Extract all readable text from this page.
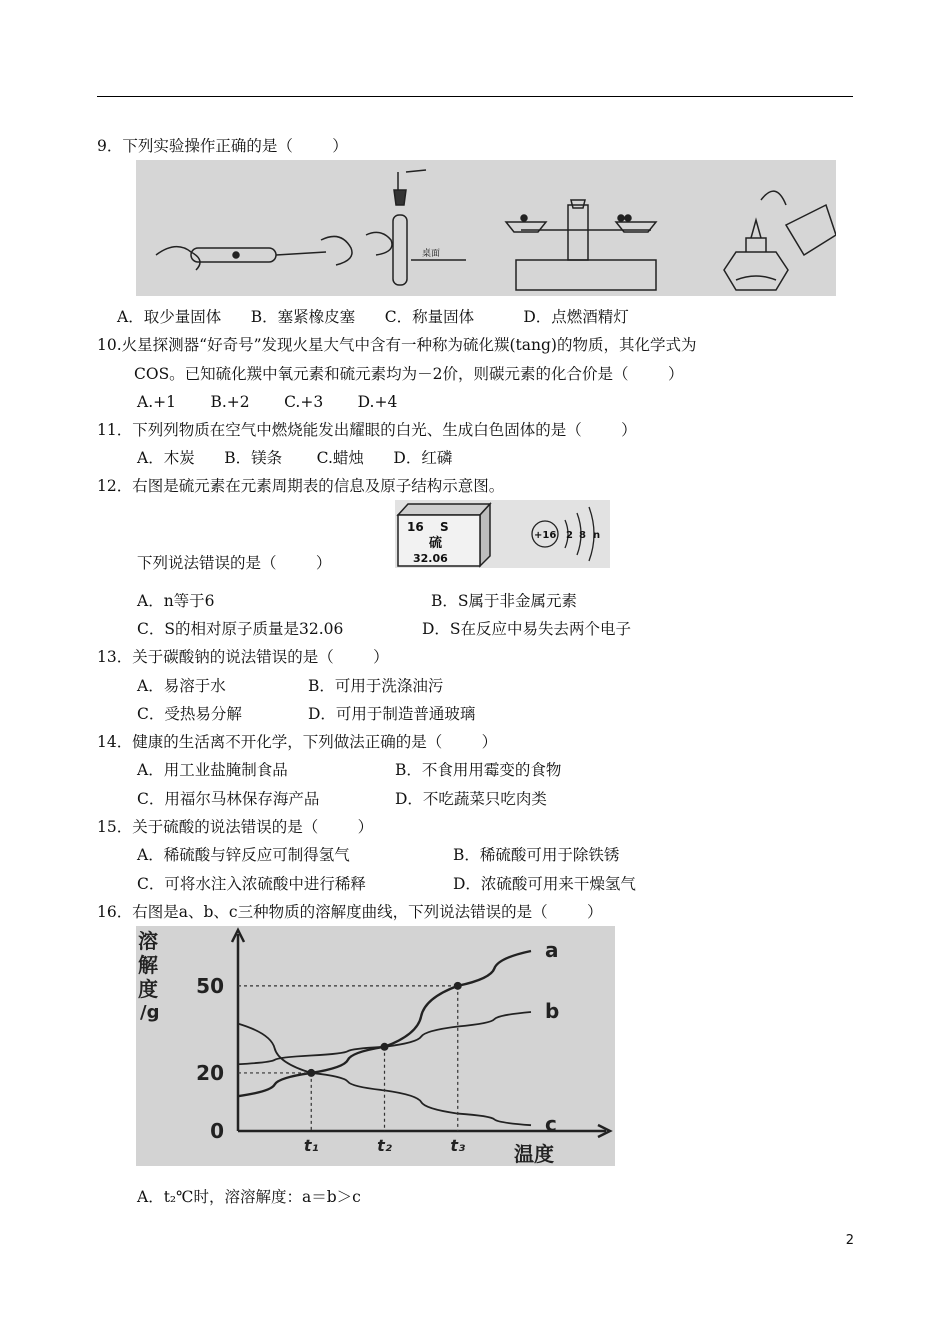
9．下列实验操作正确的是（        ）
桌面
A．取少量固体      B．塞紧橡皮塞      C．称量固体          D．点燃酒精灯
10.火星探测器“好奇号”发现火星大气中含有一种称为硫化羰(tang)的物质，其化学式为
COS。已知硫化羰中氧元素和硫元素均为－2价，则碳元素的化合价是（        ）
A.+1       B.+2       C.+3       D.+4
11．下列列物质在空气中燃烧能发出耀眼的白光、生成白色固体的是（        ）
A．木炭      B．镁条       C.蜡烛      D．红磷
12．右图是硫元素在元素周期表的信息及原子结构示意图。
16 S
硫
32.06
+16 2 8 n
下列说法错误的是（        ）
A．n等于6	B．S属于非金属元素
C．S的相对原子质量是32.06	D．S在反应中易失去两个电子
13．关于碳酸钠的说法错误的是（        ）
A．易溶于水	B．可用于洗涤油污
C．受热易分解	D．可用于制造普通玻璃
14．健康的生活离不开化学，下列做法正确的是（        ）
A．用工业盐腌制食品	B．不食用用霉变的食物
C．用福尔马林保存海产品	D．不吃蔬菜只吃肉类
15．关于硫酸的说法错误的是（        ）
A．稀硫酸与锌反应可制得氢气	B．稀硫酸可用于除铁锈
C．可将水注入浓硫酸中进行稀释	D．浓硫酸可用来干燥氢气
16．右图是a、b、c三种物质的溶解度曲线，下列说法错误的是（        ）
溶
解
度
/g
温度
0
20
50
a
b
c
t₁	t₂	t₃
A．t₂℃时，溶溶解度：a＝b＞c
2
